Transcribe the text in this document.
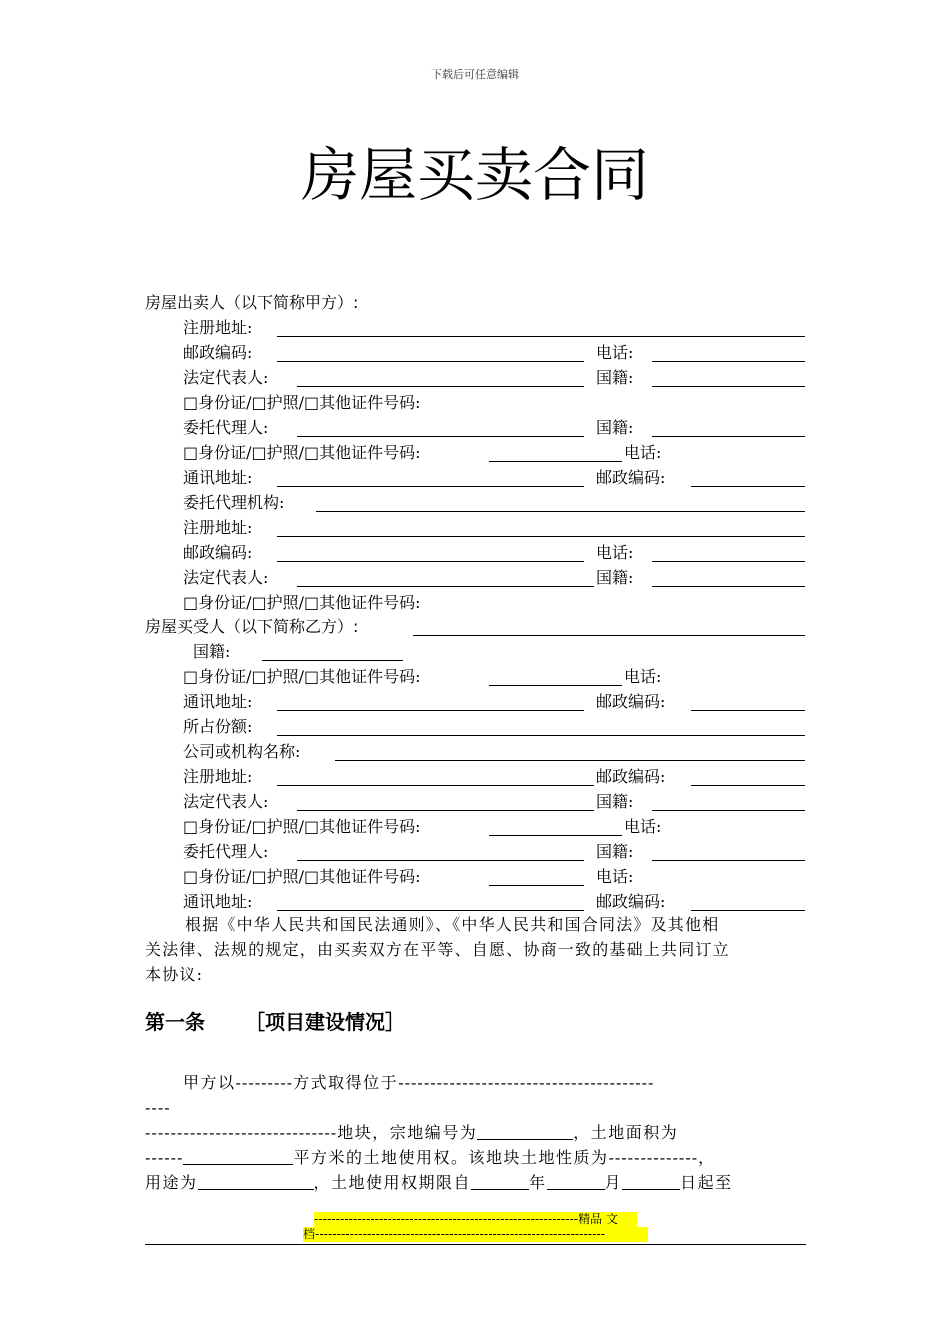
下载后可任意编辑
房屋买卖合同
房屋出卖人（以下简称甲方）:
注册地址:
邮政编码:	电话:
法定代表人:	国籍:
□身份证/□护照/□其他证件号码:
委托代理人:	国籍:
□身份证/□护照/□其他证件号码:	电话:
通讯地址:	邮政编码:
委托代理机构:
注册地址:
邮政编码:	电话:
法定代表人:	国籍:
□身份证/□护照/□其他证件号码:
房屋买受人（以下简称乙方）:
国籍:
□身份证/□护照/□其他证件号码:	电话:
通讯地址:	邮政编码:
所占份额:
公司或机构名称:
注册地址:	邮政编码:
法定代表人:	国籍:
□身份证/□护照/□其他证件号码:	电话:
委托代理人:	国籍:
□身份证/□护照/□其他证件号码:	电话:
通讯地址:	邮政编码:
根据《中华人民共和国民法通则》、《中华人民共和国合同法》及其他相
关法律、法规的规定，由买卖双方在平等、自愿、协商一致的基础上共同订立
本协议:
第一条 ［项目建设情况］
甲方以---------方式取得位于----------------------------------------
----
------------------------------地块，宗地编号为	，土地面积为
------	平方米的土地使用权。该地块土地性质为--------------，
用途为	，土地使用权期限自	年	月	日起至
-------------------------------------------------------------精品 文
档-------------------------------------------------------------------
